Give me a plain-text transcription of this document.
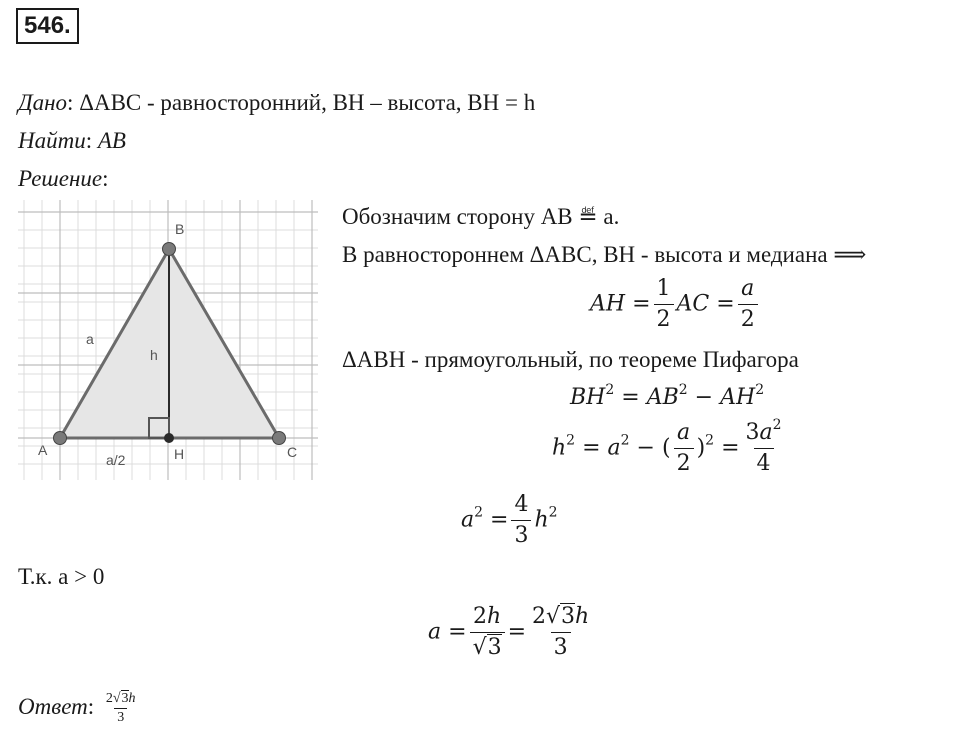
546.
Дано: ΔABC - равносторонний, BH – высота, BH = h
Найти: AB
Решение:
B
A	C
H
a
h
a/2
Обозначим сторону AB ≝ a.
В равностороннем ΔABC, BH - высота и медиана ⟹
AH = $\frac{1}{2}$ AC = $\frac{a}{2}$
ΔABH - прямоугольный, по теореме Пифагора
$BH^2 = AB^2 - AH^2$
$h^2 = a^2$ − ( $\frac{a}{2} )^2 = \frac{3a^2}{4}$
$a^2 = \frac{4}{3} h^2$
Т.к. a > 0
$a = \frac{2h}{√3} = \frac{2√3h}{3}$
Ответ: $\frac{2√3h}{3}$
